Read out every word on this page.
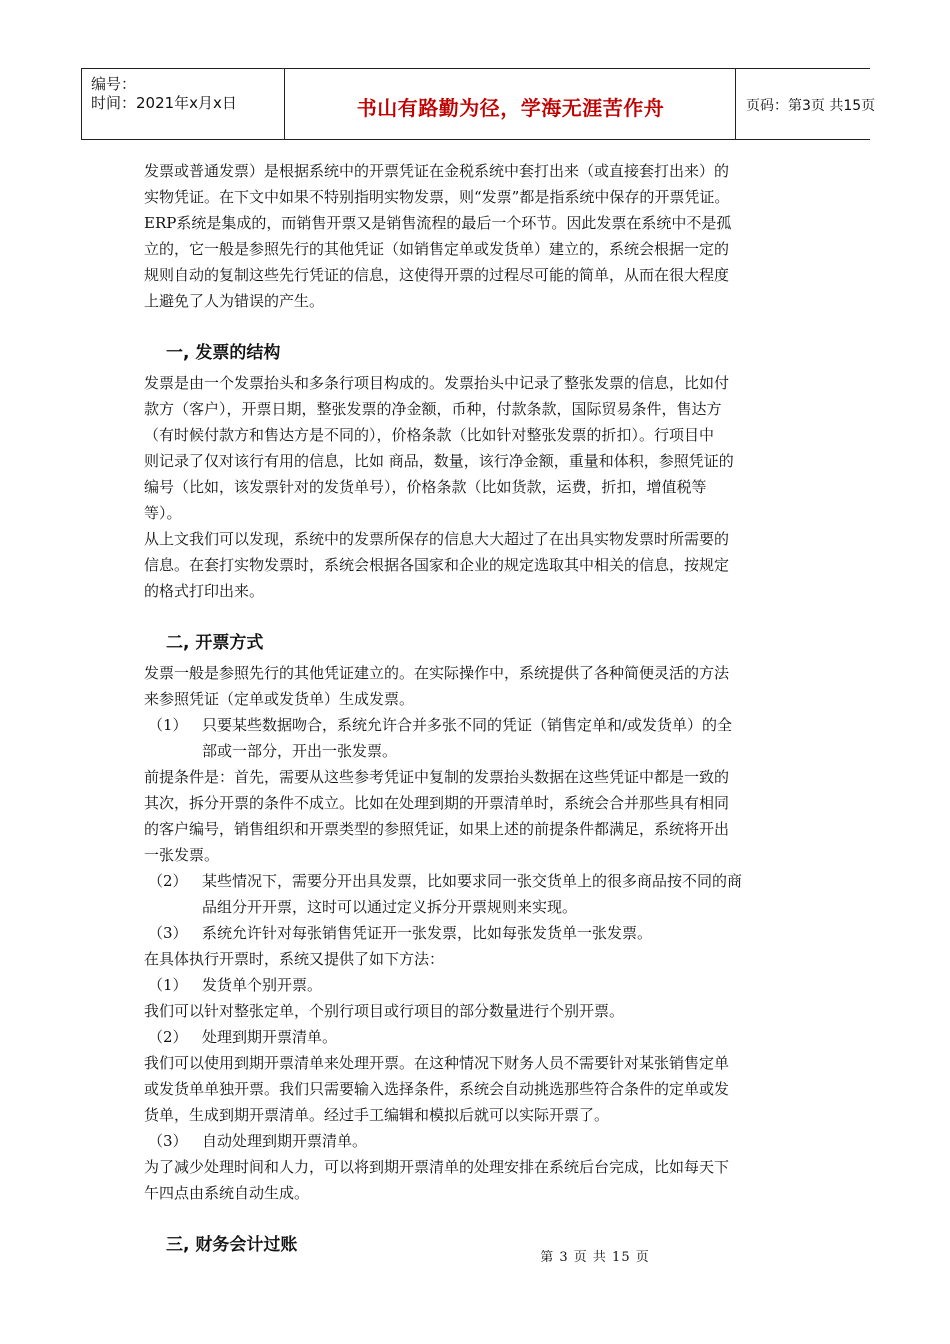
编号：
时间：2021年x月x日	书山有路勤为径，学海无涯苦作舟	页码：第3页 共15页
发票或普通发票）是根据系统中的开票凭证在金税系统中套打出来（或直接套打出来）的
实物凭证。在下文中如果不特别指明实物发票，则“发票”都是指系统中保存的开票凭证。
ERP系统是集成的，而销售开票又是销售流程的最后一个环节。因此发票在系统中不是孤
立的，它一般是参照先行的其他凭证（如销售定单或发货单）建立的，系统会根据一定的
规则自动的复制这些先行凭证的信息，这使得开票的过程尽可能的简单，从而在很大程度
上避免了人为错误的产生。
一, 发票的结构
发票是由一个发票抬头和多条行项目构成的。发票抬头中记录了整张发票的信息，比如付
款方（客户），开票日期，整张发票的净金额，币种，付款条款，国际贸易条件，售达方
（有时候付款方和售达方是不同的），价格条款（比如针对整张发票的折扣）。行项目中
则记录了仅对该行有用的信息，比如 商品，数量，该行净金额，重量和体积，参照凭证的
编号（比如，该发票针对的发货单号），价格条款（比如货款，运费，折扣，增值税等
等）。
从上文我们可以发现，系统中的发票所保存的信息大大超过了在出具实物发票时所需要的
信息。在套打实物发票时，系统会根据各国家和企业的规定选取其中相关的信息，按规定
的格式打印出来。
二, 开票方式
发票一般是参照先行的其他凭证建立的。在实际操作中，系统提供了各种简便灵活的方法
来参照凭证（定单或发货单）生成发票。
（1） 只要某些数据吻合，系统允许合并多张不同的凭证（销售定单和/或发货单）的全
部或一部分，开出一张发票。
前提条件是：首先，需要从这些参考凭证中复制的发票抬头数据在这些凭证中都是一致的
其次，拆分开票的条件不成立。比如在处理到期的开票清单时，系统会合并那些具有相同
的客户编号，销售组织和开票类型的参照凭证，如果上述的前提条件都满足，系统将开出
一张发票。
（2） 某些情况下，需要分开出具发票，比如要求同一张交货单上的很多商品按不同的商
品组分开开票，这时可以通过定义拆分开票规则来实现。
（3） 系统允许针对每张销售凭证开一张发票，比如每张发货单一张发票。
在具体执行开票时，系统又提供了如下方法：
（1） 发货单个别开票。
我们可以针对整张定单，个别行项目或行项目的部分数量进行个别开票。
（2） 处理到期开票清单。
我们可以使用到期开票清单来处理开票。在这种情况下财务人员不需要针对某张销售定单
或发货单单独开票。我们只需要输入选择条件，系统会自动挑选那些符合条件的定单或发
货单，生成到期开票清单。经过手工编辑和模拟后就可以实际开票了。
（3） 自动处理到期开票清单。
为了减少处理时间和人力，可以将到期开票清单的处理安排在系统后台完成，比如每天下
午四点由系统自动生成。
三, 财务会计过账
第 3 页 共 15 页
